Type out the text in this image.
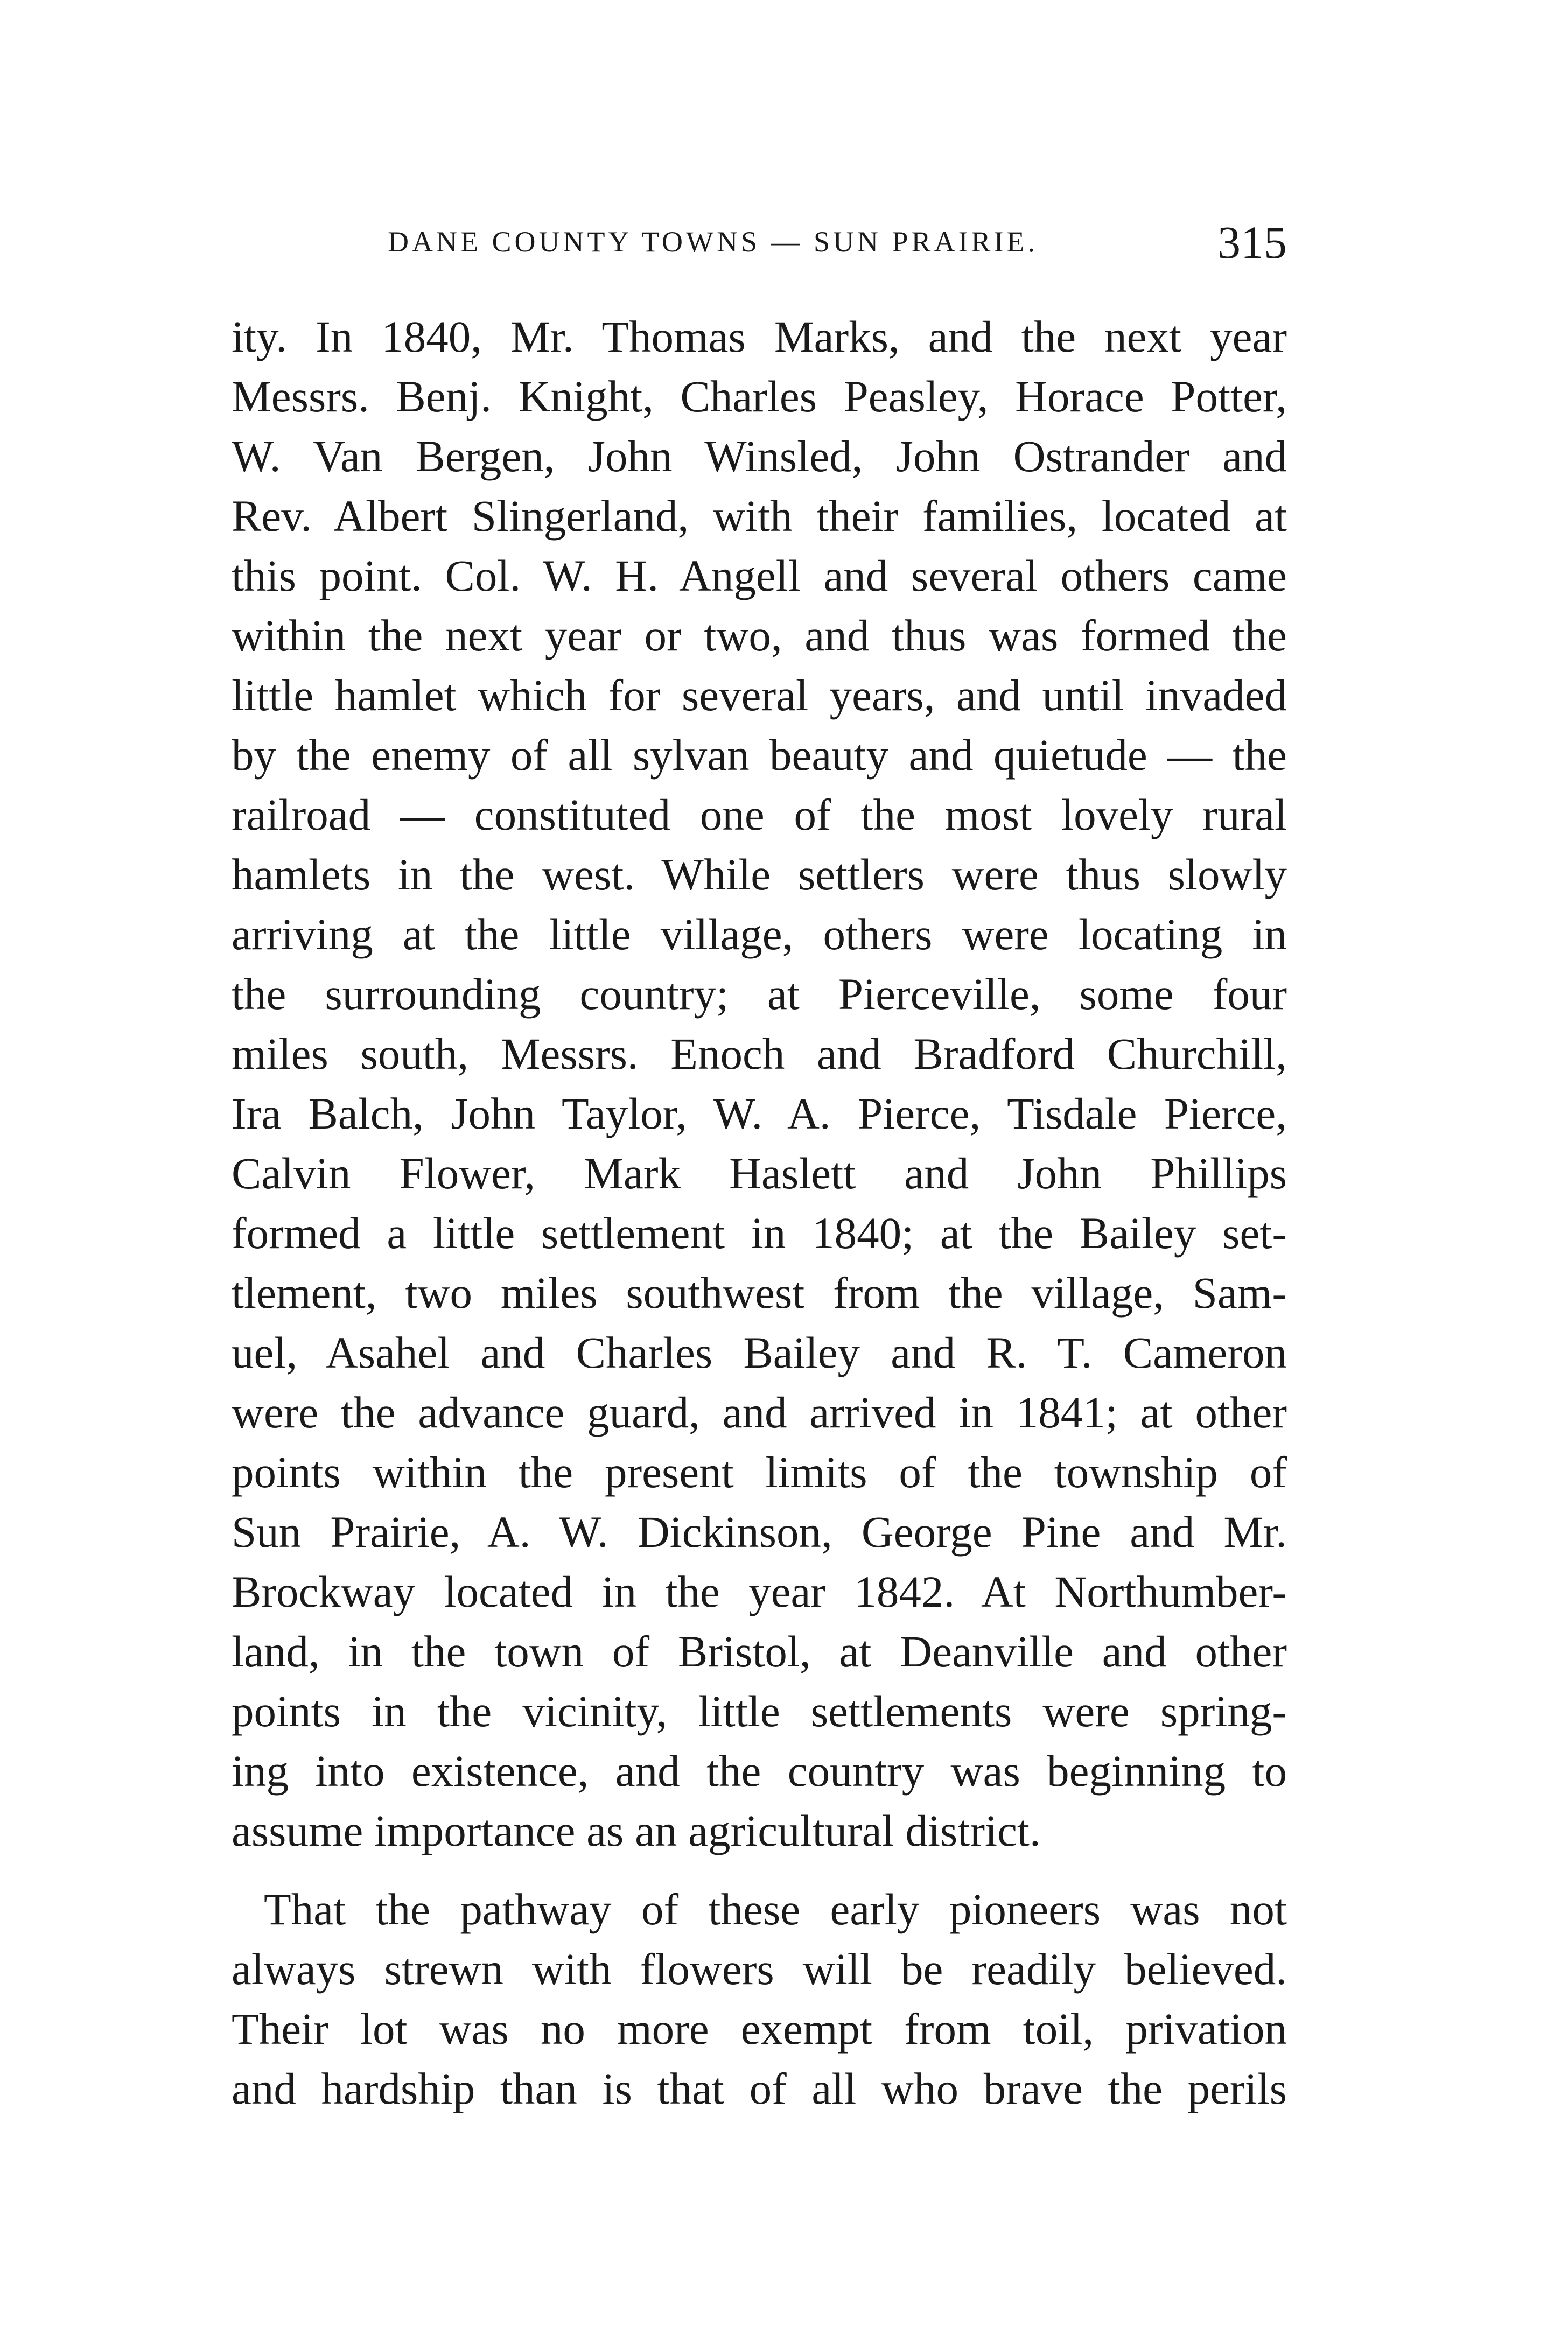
DANE COUNTY TOWNS — SUN PRAIRIE.	315
ity. In 1840, Mr. Thomas Marks, and the next year
Messrs. Benj. Knight, Charles Peasley, Horace Potter,
W. Van Bergen, John Winsled, John Ostrander and
Rev. Albert Slingerland, with their families, located at
this point. Col. W. H. Angell and several others came
within the next year or two, and thus was formed the
little hamlet which for several years, and until invaded
by the enemy of all sylvan beauty and quietude — the
railroad — constituted one of the most lovely rural
hamlets in the west. While settlers were thus slowly
arriving at the little village, others were locating in
the surrounding country; at Pierceville, some four
miles south, Messrs. Enoch and Bradford Churchill,
Ira Balch, John Taylor, W. A. Pierce, Tisdale Pierce,
Calvin Flower, Mark Haslett and John Phillips
formed a little settlement in 1840; at the Bailey set-
tlement, two miles southwest from the village, Sam-
uel, Asahel and Charles Bailey and R. T. Cameron
were the advance guard, and arrived in 1841; at other
points within the present limits of the township of
Sun Prairie, A. W. Dickinson, George Pine and Mr.
Brockway located in the year 1842. At Northumber-
land, in the town of Bristol, at Deanville and other
points in the vicinity, little settlements were spring-
ing into existence, and the country was beginning to
assume importance as an agricultural district.
That the pathway of these early pioneers was not
always strewn with flowers will be readily believed.
Their lot was no more exempt from toil, privation
and hardship than is that of all who brave the perils
